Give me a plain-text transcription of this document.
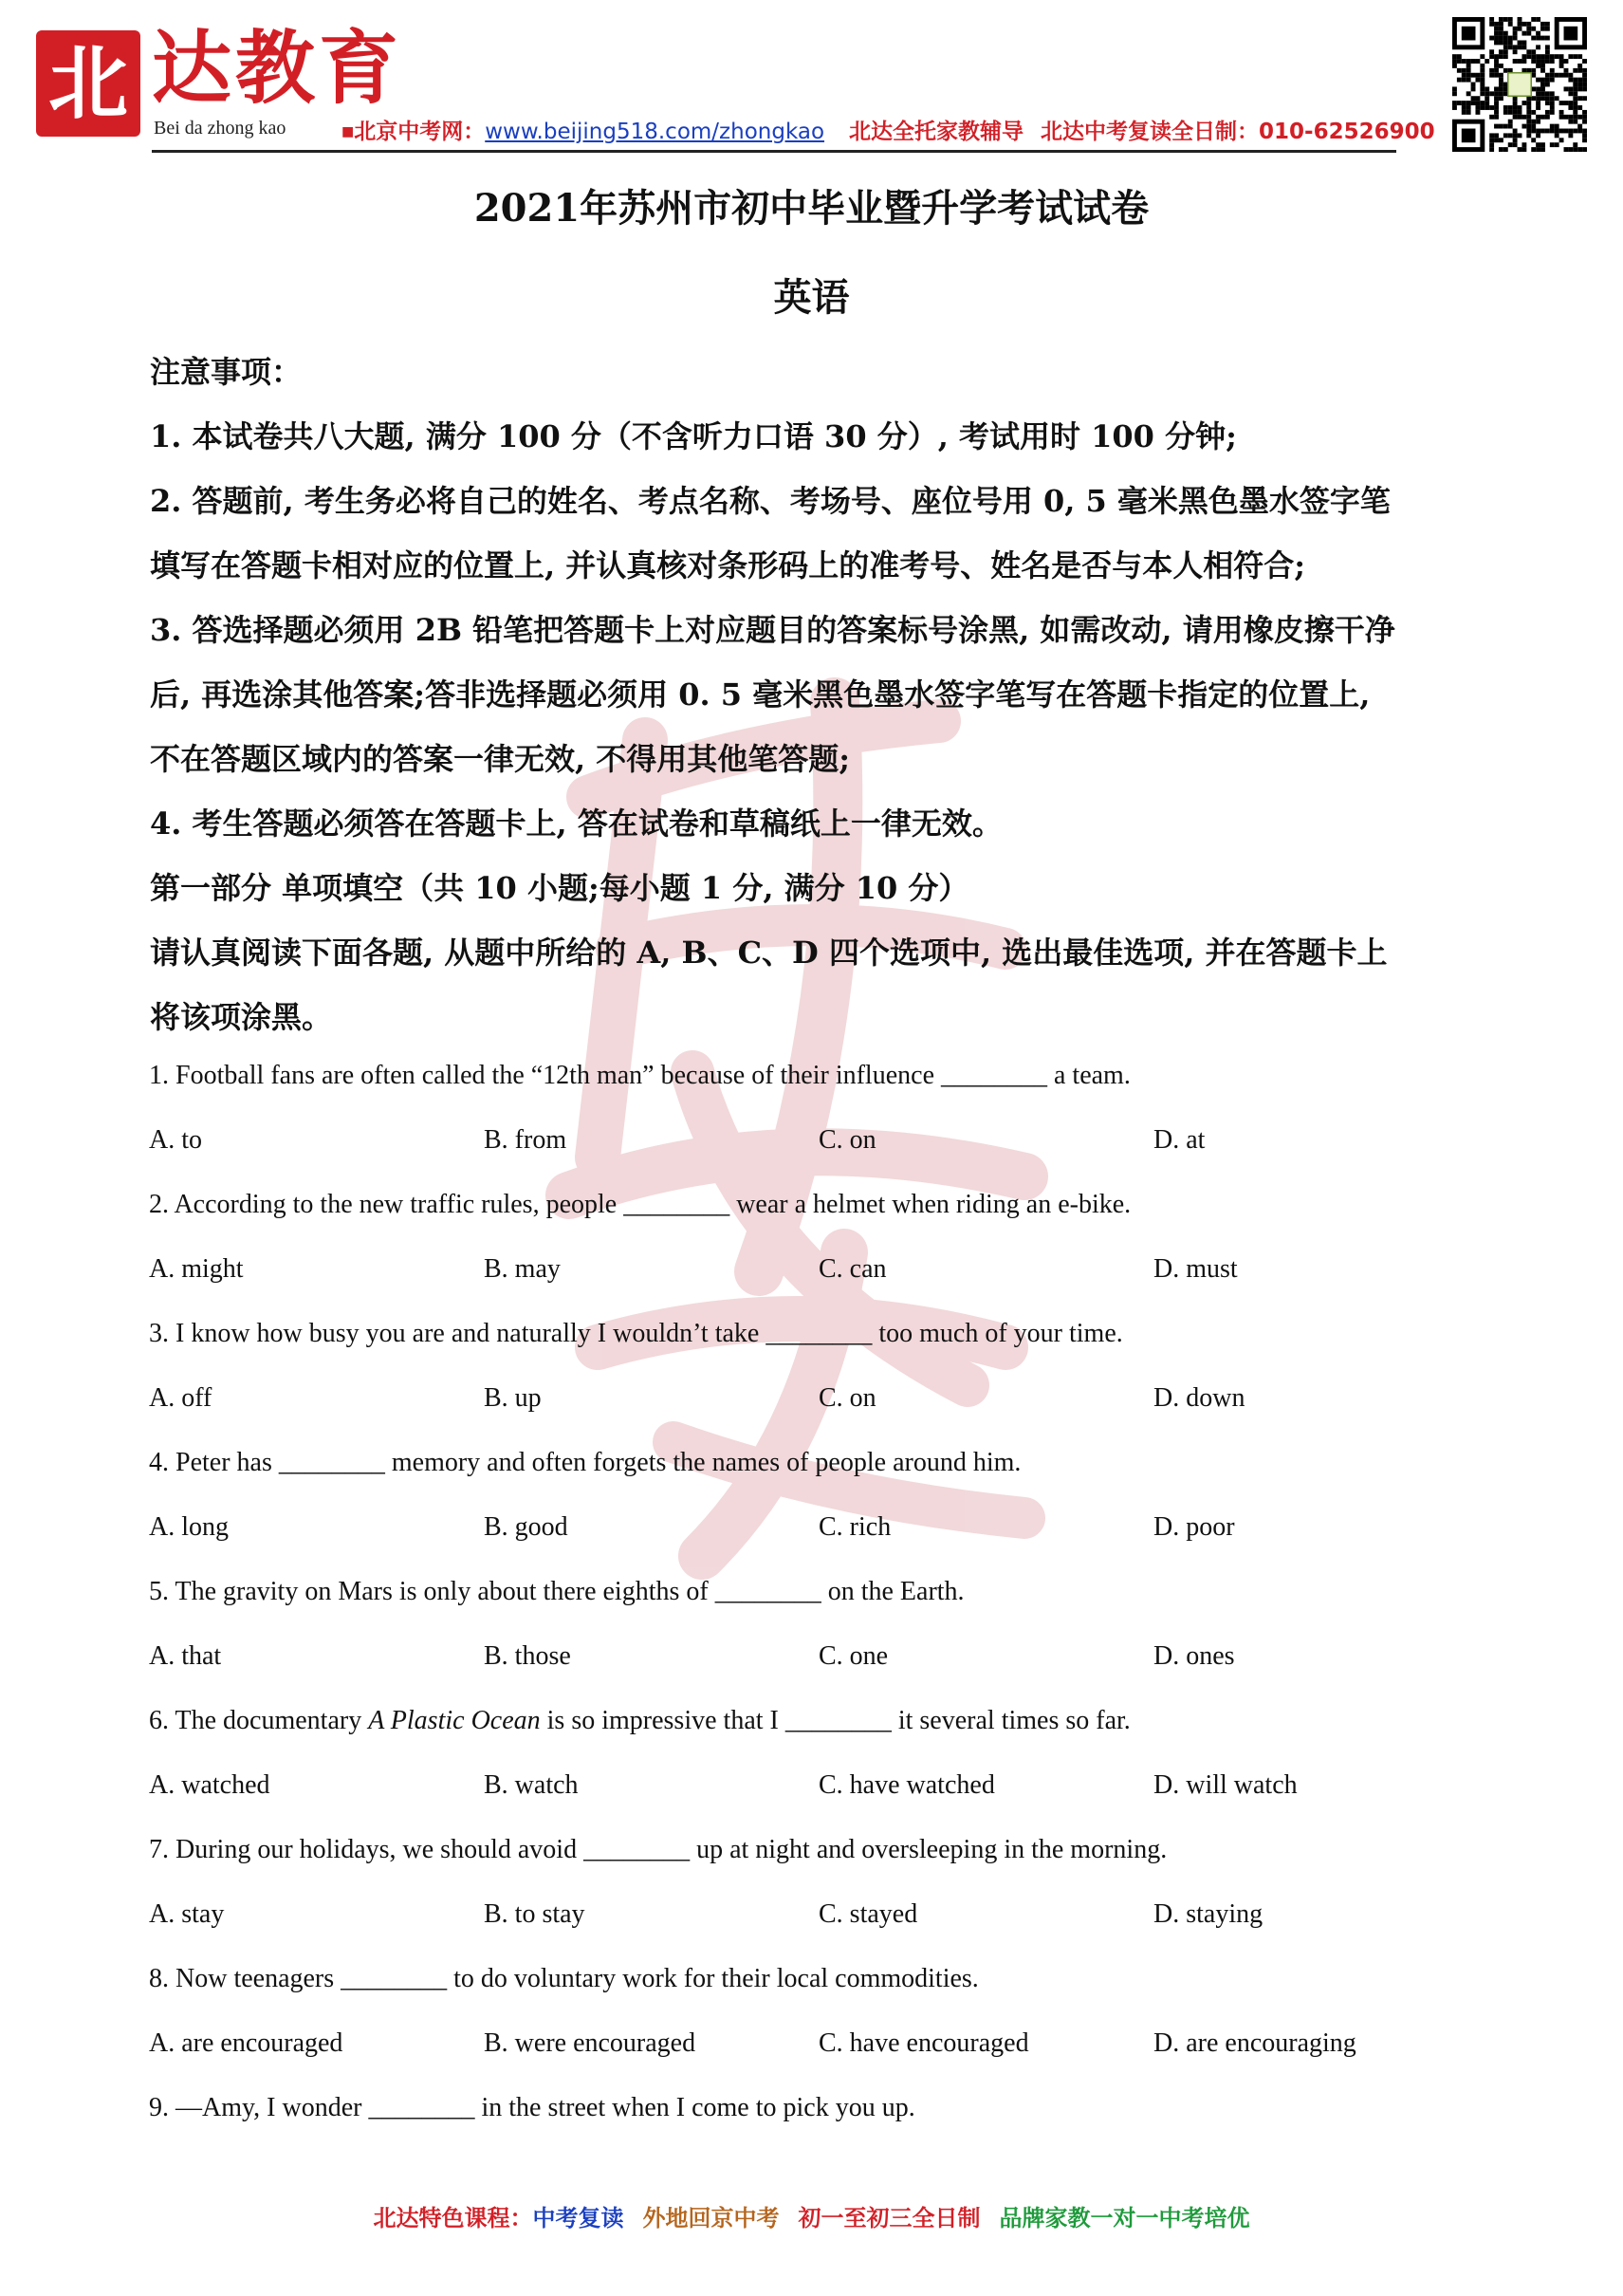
北 达教育
Bei da zhong kao	■北京中考网：www.beijing518.com/zhongkao 北达全托家教辅导 北达中考复读全日制：010-62526900
2021年苏州市初中毕业暨升学考试试卷
英语

注意事项：

1. 本试卷共八大题, 满分 100 分（不含听力口语 30 分）, 考试用时 100 分钟;

2. 答题前, 考生务必将自己的姓名、考点名称、考场号、座位号用 0, 5 毫米黑色墨水签字笔

填写在答题卡相对应的位置上, 并认真核对条形码上的准考号、姓名是否与本人相符合;

3. 答选择题必须用 2B 铅笔把答题卡上对应题目的答案标号涂黑, 如需改动, 请用橡皮擦干净

后, 再选涂其他答案;答非选择题必须用 0. 5 毫米黑色墨水签字笔写在答题卡指定的位置上,

不在答题区域内的答案一律无效, 不得用其他笔答题;

4. 考生答题必须答在答题卡上, 答在试卷和草稿纸上一律无效。

第一部分 单项填空（共 10 小题;每小题 1 分, 满分 10 分）

请认真阅读下面各题, 从题中所给的 A, B、C、D 四个选项中, 选出最佳选项, 并在答题卡上

将该项涂黑。

1. Football fans are often called the “12th man” because of their influence ________ a team.
A. to	B. from	C. on	D. at
2. According to the new traffic rules, people ________ wear a helmet when riding an e-bike.
A. might	B. may	C. can	D. must
3. I know how busy you are and naturally I wouldn’t take ________ too much of your time.
A. off	B. up	C. on	D. down
4. Peter has ________ memory and often forgets the names of people around him.
A. long	B. good	C. rich	D. poor
5. The gravity on Mars is only about there eighths of ________ on the Earth.
A. that	B. those	C. one	D. ones
6. The documentary A Plastic Ocean is so impressive that I ________ it several times so far.
A. watched	B. watch	C. have watched	D. will watch
7. During our holidays, we should avoid ________ up at night and oversleeping in the morning.
A. stay	B. to stay	C. stayed	D. staying
8. Now teenagers ________ to do voluntary work for their local commodities.
A. are encouraged	B. were encouraged	C. have encouraged	D. are encouraging
9. —Amy, I wonder ________ in the street when I come to pick you up.
北达特色课程：中考复读 外地回京中考 初一至初三全日制 品牌家教一对一中考培优
